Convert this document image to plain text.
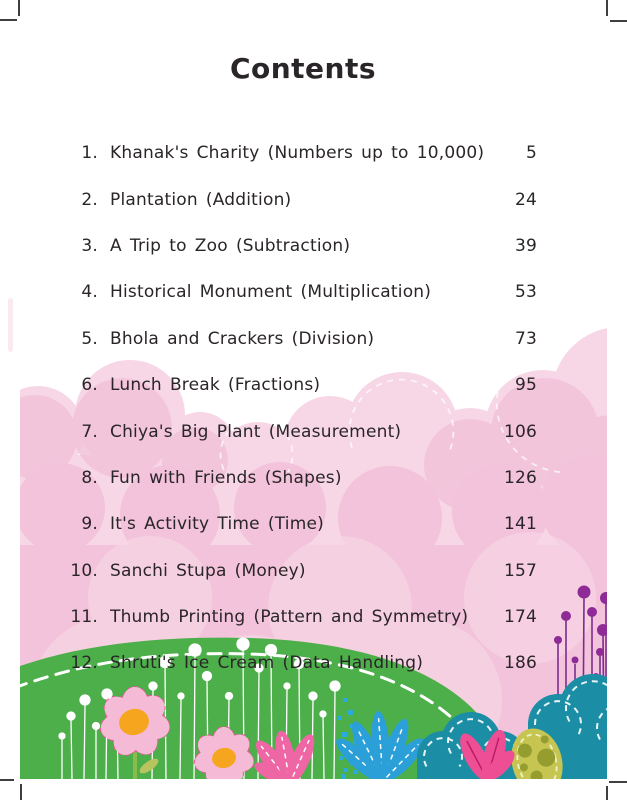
Contents
1. Khanak's Charity (Numbers up to 10,000)	5
2. Plantation (Addition)	24
3. A Trip to Zoo (Subtraction)	39
4. Historical Monument (Multiplication)	53
5. Bhola and Crackers (Division)	73
6. Lunch Break (Fractions)	95
7. Chiya's Big Plant (Measurement)	106
8. Fun with Friends (Shapes)	126
9. It's Activity Time (Time)	141
10. Sanchi Stupa (Money)	157
11. Thumb Printing (Pattern and Symmetry)	174
12. Shruti's Ice Cream (Data Handling)	186
